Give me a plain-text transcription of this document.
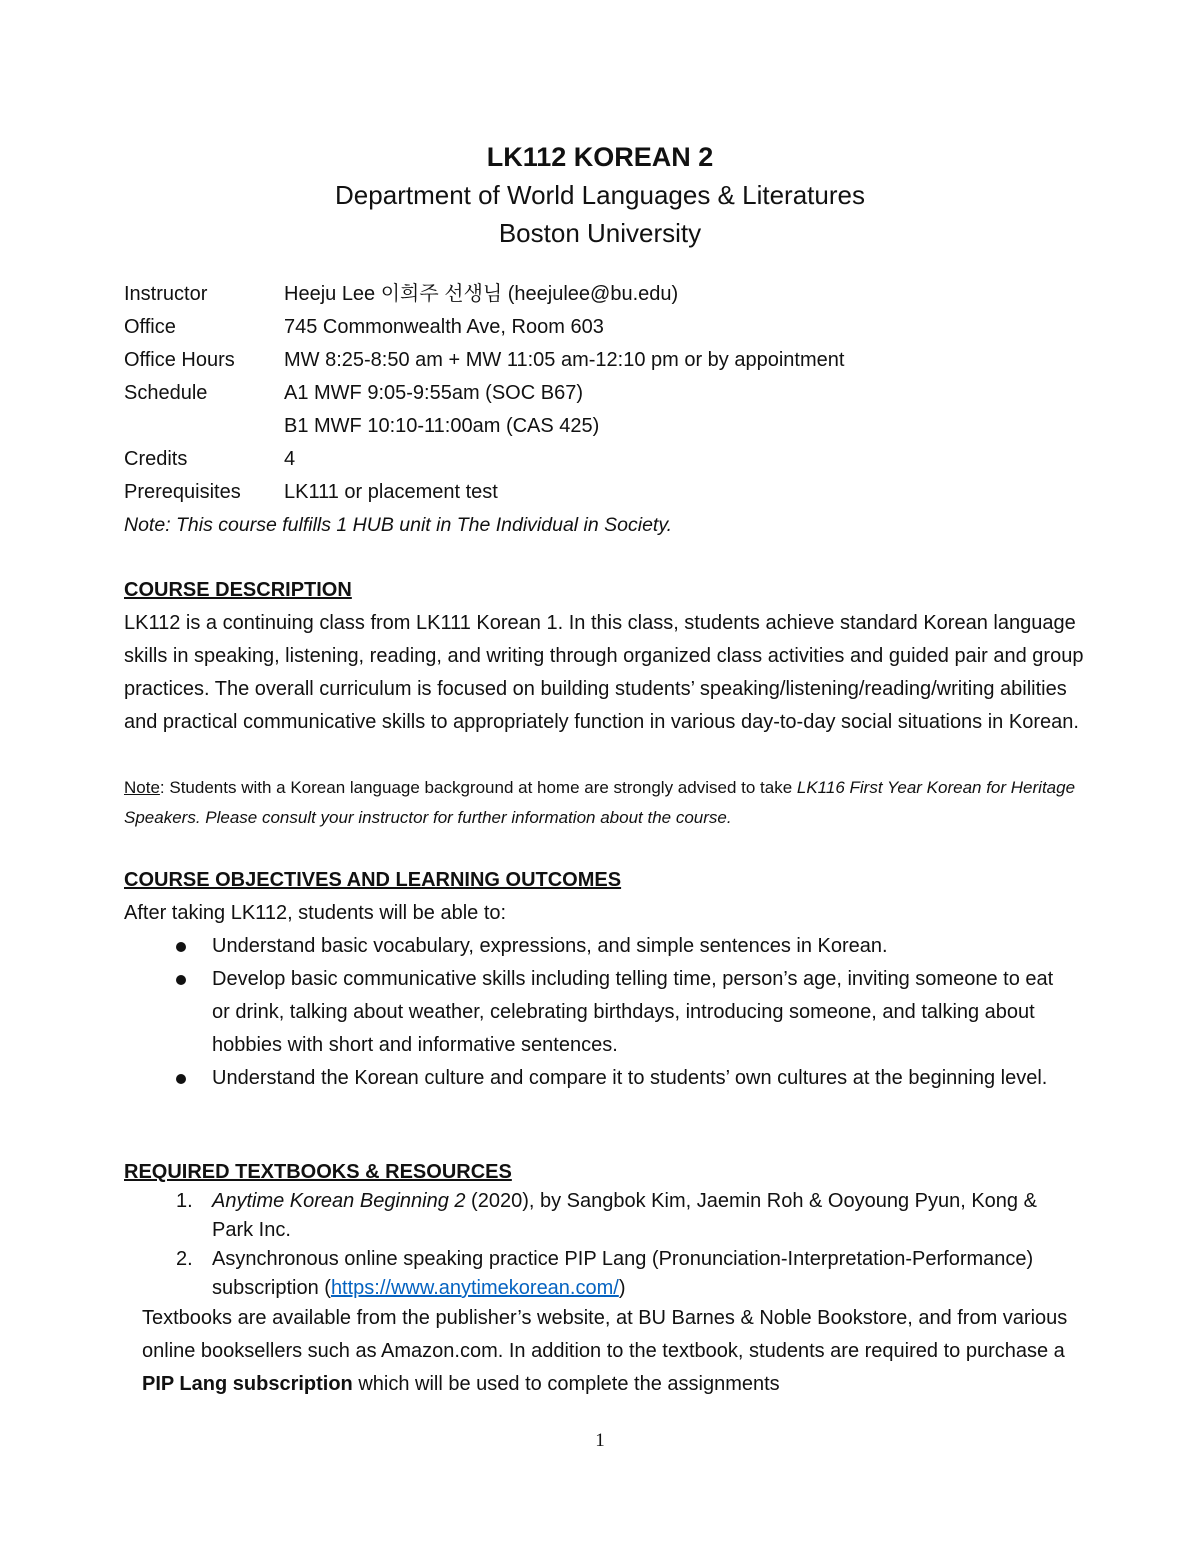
LK112 KOREAN 2
Department of World Languages & Literatures
Boston University
Instructor	Heeju Lee 이희주 선생님 (heejulee@bu.edu)
Office	745 Commonwealth Ave, Room 603
Office Hours	MW 8:25-8:50 am + MW 11:05 am-12:10 pm or by appointment
Schedule	A1 MWF 9:05-9:55am (SOC B67)
B1 MWF 10:10-11:00am (CAS 425)
Credits	4
Prerequisites	LK111 or placement test
Note: This course fulfills 1 HUB unit in The Individual in Society.
COURSE DESCRIPTION
LK112 is a continuing class from LK111 Korean 1. In this class, students achieve standard Korean language skills in speaking, listening, reading, and writing through organized class activities and guided pair and group practices. The overall curriculum is focused on building students’ speaking/listening/reading/writing abilities and practical communicative skills to appropriately function in various day-to-day social situations in Korean.
Note: Students with a Korean language background at home are strongly advised to take LK116 First Year Korean for Heritage Speakers. Please consult your instructor for further information about the course.
COURSE OBJECTIVES AND LEARNING OUTCOMES
After taking LK112, students will be able to:
Understand basic vocabulary, expressions, and simple sentences in Korean.
Develop basic communicative skills including telling time, person’s age, inviting someone to eat or drink, talking about weather, celebrating birthdays, introducing someone, and talking about hobbies with short and informative sentences.
Understand the Korean culture and compare it to students’ own cultures at the beginning level.
REQUIRED TEXTBOOKS & RESOURCES
1. Anytime Korean Beginning 2 (2020), by Sangbok Kim, Jaemin Roh & Ooyoung Pyun, Kong & Park Inc.
2. Asynchronous online speaking practice PIP Lang (Pronunciation-Interpretation-Performance) subscription (https://www.anytimekorean.com/)
Textbooks are available from the publisher’s website, at BU Barnes & Noble Bookstore, and from various online booksellers such as Amazon.com. In addition to the textbook, students are required to purchase a PIP Lang subscription which will be used to complete the assignments
1
